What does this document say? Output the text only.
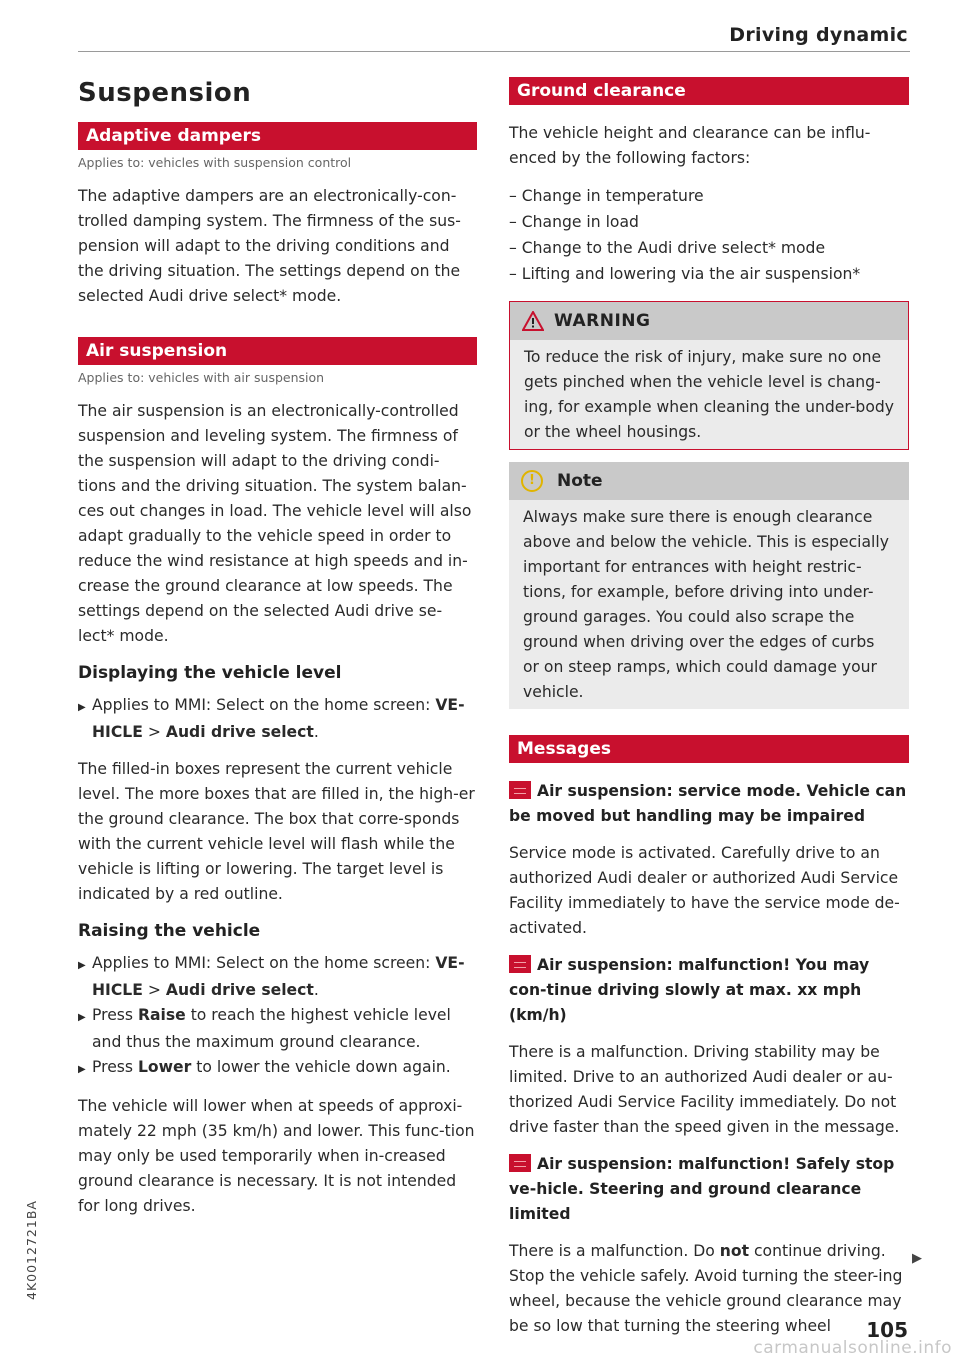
Driving dynamic
Suspension
Adaptive dampers
Applies to: vehicles with suspension control

The adaptive dampers are an electronically-con-trolled damping system. The firmness of the sus-pension will adapt to the driving conditions and the driving situation. The settings depend on the selected Audi drive select* mode.

Air suspension
Applies to: vehicles with air suspension

The air suspension is an electronically-controlled suspension and leveling system. The firmness of the suspension will adapt to the driving condi-tions and the driving situation. The system balan-ces out changes in load. The vehicle level will also adapt gradually to the vehicle speed in order to reduce the wind resistance at high speeds and in-crease the ground clearance at low speeds. The settings depend on the selected Audi drive se-lect* mode.

Displaying the vehicle level
▶ Applies to MMI: Select on the home screen: VE-HICLE > Audi drive select.

The filled-in boxes represent the current vehicle level. The more boxes that are filled in, the high-er the ground clearance. The box that corre-sponds with the current vehicle level will flash while the vehicle is lifting or lowering. The target level is indicated by a red outline.

Raising the vehicle
▶ Applies to MMI: Select on the home screen: VE-HICLE > Audi drive select.
▶ Press Raise to reach the highest vehicle level and thus the maximum ground clearance.
▶ Press Lower to lower the vehicle down again.

The vehicle will lower when at speeds of approxi-mately 22 mph (35 km/h) and lower. This func-tion may only be used temporarily when in-creased ground clearance is necessary. It is not intended for long drives.

Ground clearance

The vehicle height and clearance can be influ-enced by the following factors:

– Change in temperature
– Change in load
– Change to the Audi drive select* mode
– Lifting and lowering via the air suspension*
WARNING
To reduce the risk of injury, make sure no one gets pinched when the vehicle level is chang-ing, for example when cleaning the under-body or the wheel housings.
!	Note
Always make sure there is enough clearance above and below the vehicle. This is especially important for entrances with height restric-tions, for example, before driving into under-ground garages. You could also scrape the ground when driving over the edges of curbs or on steep ramps, which could damage your vehicle.
Messages
Air suspension: service mode. Vehicle can be moved but handling may be impaired

Service mode is activated. Carefully drive to an authorized Audi dealer or authorized Audi Service Facility immediately to have the service mode de-activated.

Air suspension: malfunction! You may con-tinue driving slowly at max. xx mph (km/h)

There is a malfunction. Driving stability may be limited. Drive to an authorized Audi dealer or au-thorized Audi Service Facility immediately. Do not drive faster than the speed given in the message.

Air suspension: malfunction! Safely stop ve-hicle. Steering and ground clearance limited

There is a malfunction. Do not continue driving. Stop the vehicle safely. Avoid turning the steer-ing wheel, because the vehicle ground clearance may be so low that turning the steering wheel

▶
105
4K0012721BA
carmanualsonline.info
